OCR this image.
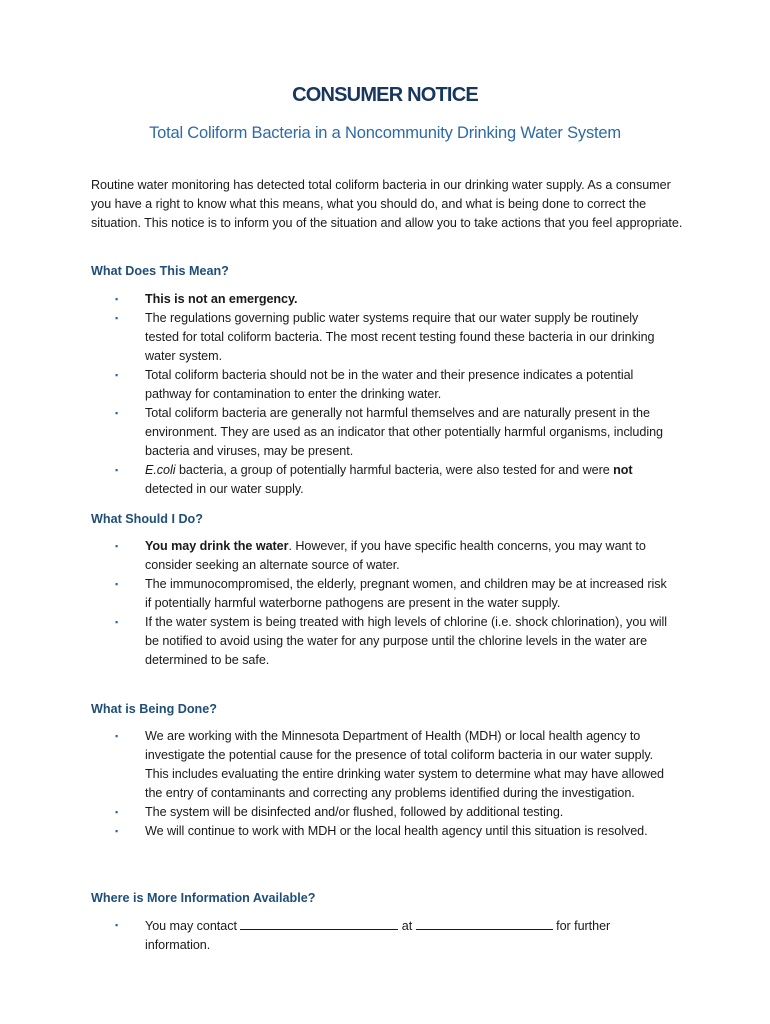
CONSUMER NOTICE
Total Coliform Bacteria in a Noncommunity Drinking Water System

Routine water monitoring has detected total coliform bacteria in our drinking water supply. As a consumer you have a right to know what this means, what you should do, and what is being done to correct the situation. This notice is to inform you of the situation and allow you to take actions that you feel appropriate.

What Does This Mean?
▪ This is not an emergency.
▪ The regulations governing public water systems require that our water supply be routinely tested for total coliform bacteria. The most recent testing found these bacteria in our drinking water system.
▪ Total coliform bacteria should not be in the water and their presence indicates a potential pathway for contamination to enter the drinking water.
▪ Total coliform bacteria are generally not harmful themselves and are naturally present in the environment. They are used as an indicator that other potentially harmful organisms, including bacteria and viruses, may be present.
▪ E.coli bacteria, a group of potentially harmful bacteria, were also tested for and were not detected in our water supply.
What Should I Do?
▪ You may drink the water. However, if you have specific health concerns, you may want to consider seeking an alternate source of water.
▪ The immunocompromised, the elderly, pregnant women, and children may be at increased risk if potentially harmful waterborne pathogens are present in the water supply.
▪ If the water system is being treated with high levels of chlorine (i.e. shock chlorination), you will be notified to avoid using the water for any purpose until the chlorine levels in the water are determined to be safe.
What is Being Done?
▪ We are working with the Minnesota Department of Health (MDH) or local health agency to investigate the potential cause for the presence of total coliform bacteria in our water supply. This includes evaluating the entire drinking water system to determine what may have allowed the entry of contaminants and correcting any problems identified during the investigation.
▪ The system will be disinfected and/or flushed, followed by additional testing.
▪ We will continue to work with MDH or the local health agency until this situation is resolved.
Where is More Information Available?
▪ You may contact	at	for further information.
